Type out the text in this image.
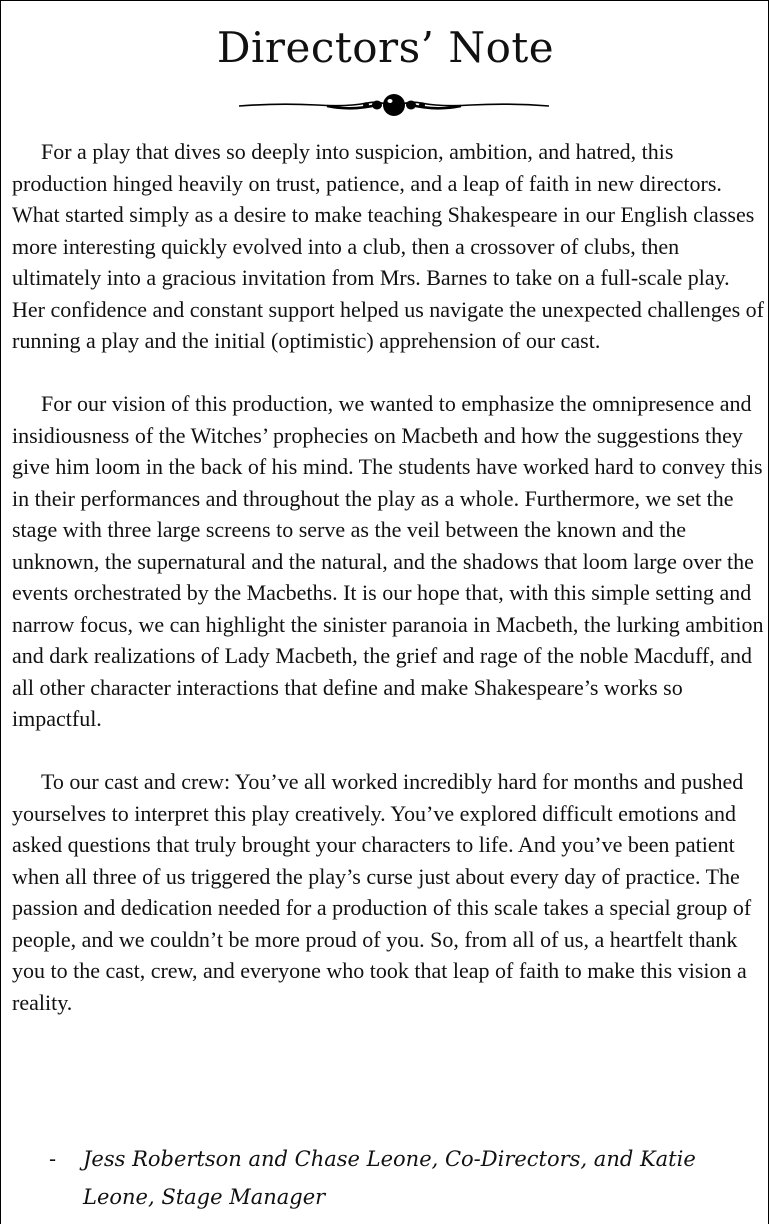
Directors’ Note

For a play that dives so deeply into suspicion, ambition, and hatred, this production hinged heavily on trust, patience, and a leap of faith in new directors. What started simply as a desire to make teaching Shakespeare in our English classes more interesting quickly evolved into a club, then a crossover of clubs, then ultimately into a gracious invitation from Mrs. Barnes to take on a full-scale play. Her confidence and constant support helped us navigate the unexpected challenges of running a play and the initial (optimistic) apprehension of our cast.

For our vision of this production, we wanted to emphasize the omnipresence and insidiousness of the Witches’ prophecies on Macbeth and how the suggestions they give him loom in the back of his mind. The students have worked hard to convey this in their performances and throughout the play as a whole. Furthermore, we set the stage with three large screens to serve as the veil between the known and the unknown, the supernatural and the natural, and the shadows that loom large over the events orchestrated by the Macbeths. It is our hope that, with this simple setting and narrow focus, we can highlight the sinister paranoia in Macbeth, the lurking ambition and dark realizations of Lady Macbeth, the grief and rage of the noble Macduff, and all other character interactions that define and make Shakespeare’s works so impactful.

To our cast and crew: You’ve all worked incredibly hard for months and pushed yourselves to interpret this play creatively. You’ve explored difficult emotions and asked questions that truly brought your characters to life. And you’ve been patient when all three of us triggered the play’s curse just about every day of practice. The passion and dedication needed for a production of this scale takes a special group of people, and we couldn’t be more proud of you. So, from all of us, a heartfelt thank you to the cast, crew, and everyone who took that leap of faith to make this vision a reality.

-	Jess Robertson and Chase Leone, Co-Directors, and Katie Leone, Stage Manager
